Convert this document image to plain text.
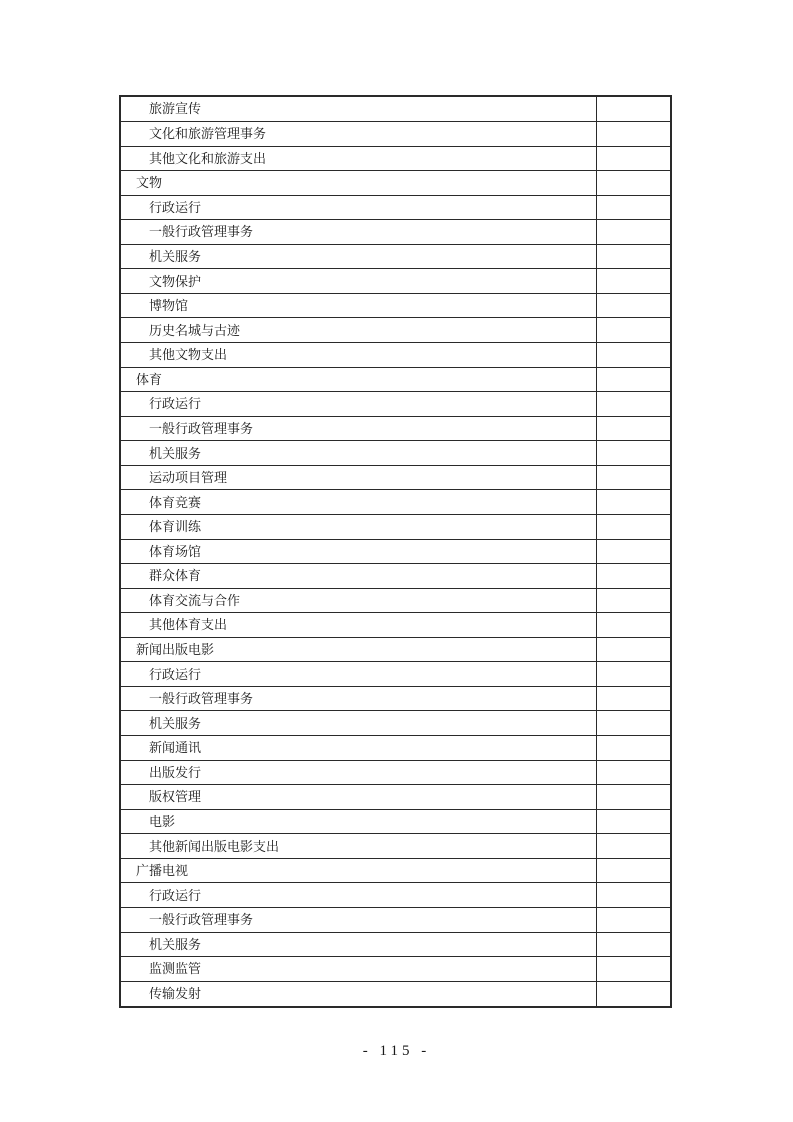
旅游宣传	
文化和旅游管理事务	
其他文化和旅游支出	
文物	
行政运行	
一般行政管理事务	
机关服务	
文物保护	
博物馆	
历史名城与古迹	
其他文物支出	
体育	
行政运行	
一般行政管理事务	
机关服务	
运动项目管理	
体育竞赛	
体育训练	
体育场馆	
群众体育	
体育交流与合作	
其他体育支出	
新闻出版电影	
行政运行	
一般行政管理事务	
机关服务	
新闻通讯	
出版发行	
版权管理	
电影	
其他新闻出版电影支出	
广播电视	
行政运行	
一般行政管理事务	
机关服务	
监测监管	
传输发射	
- 115 -
